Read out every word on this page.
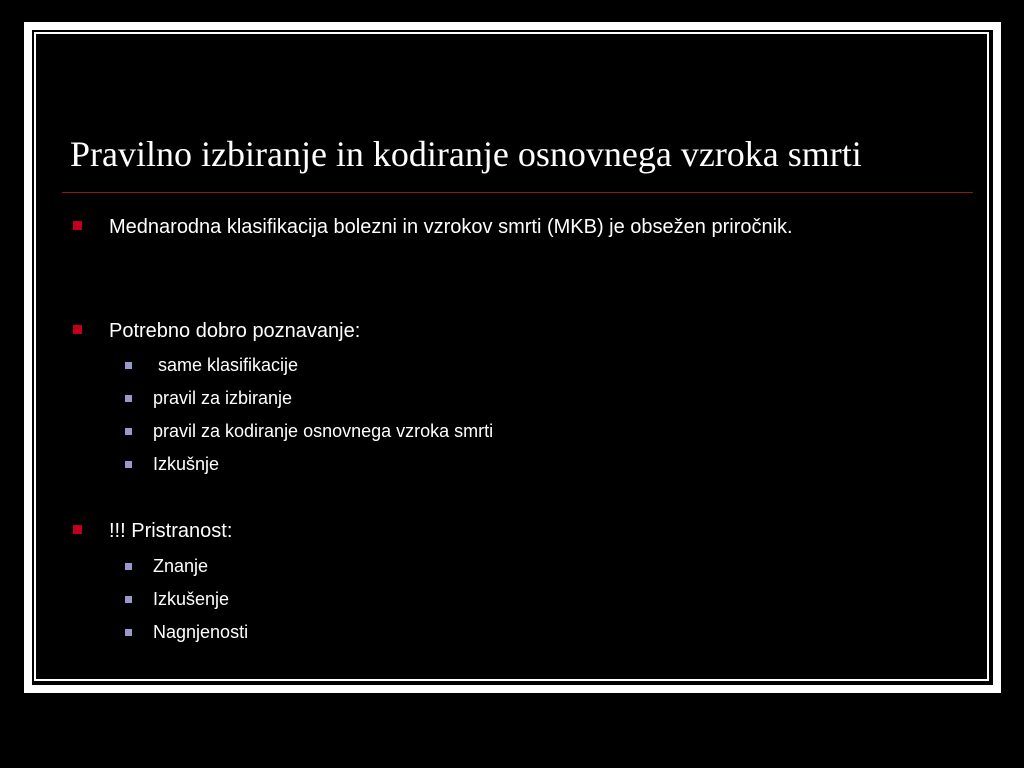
Pravilno izbiranje in kodiranje osnovnega vzroka smrti
Mednarodna klasifikacija bolezni in vzrokov smrti (MKB) je obsežen priročnik.
Potrebno dobro poznavanje:
same klasifikacije
pravil za izbiranje
pravil za kodiranje osnovnega vzroka smrti
Izkušnje
!!! Pristranost:
Znanje
Izkušenje
Nagnjenosti
